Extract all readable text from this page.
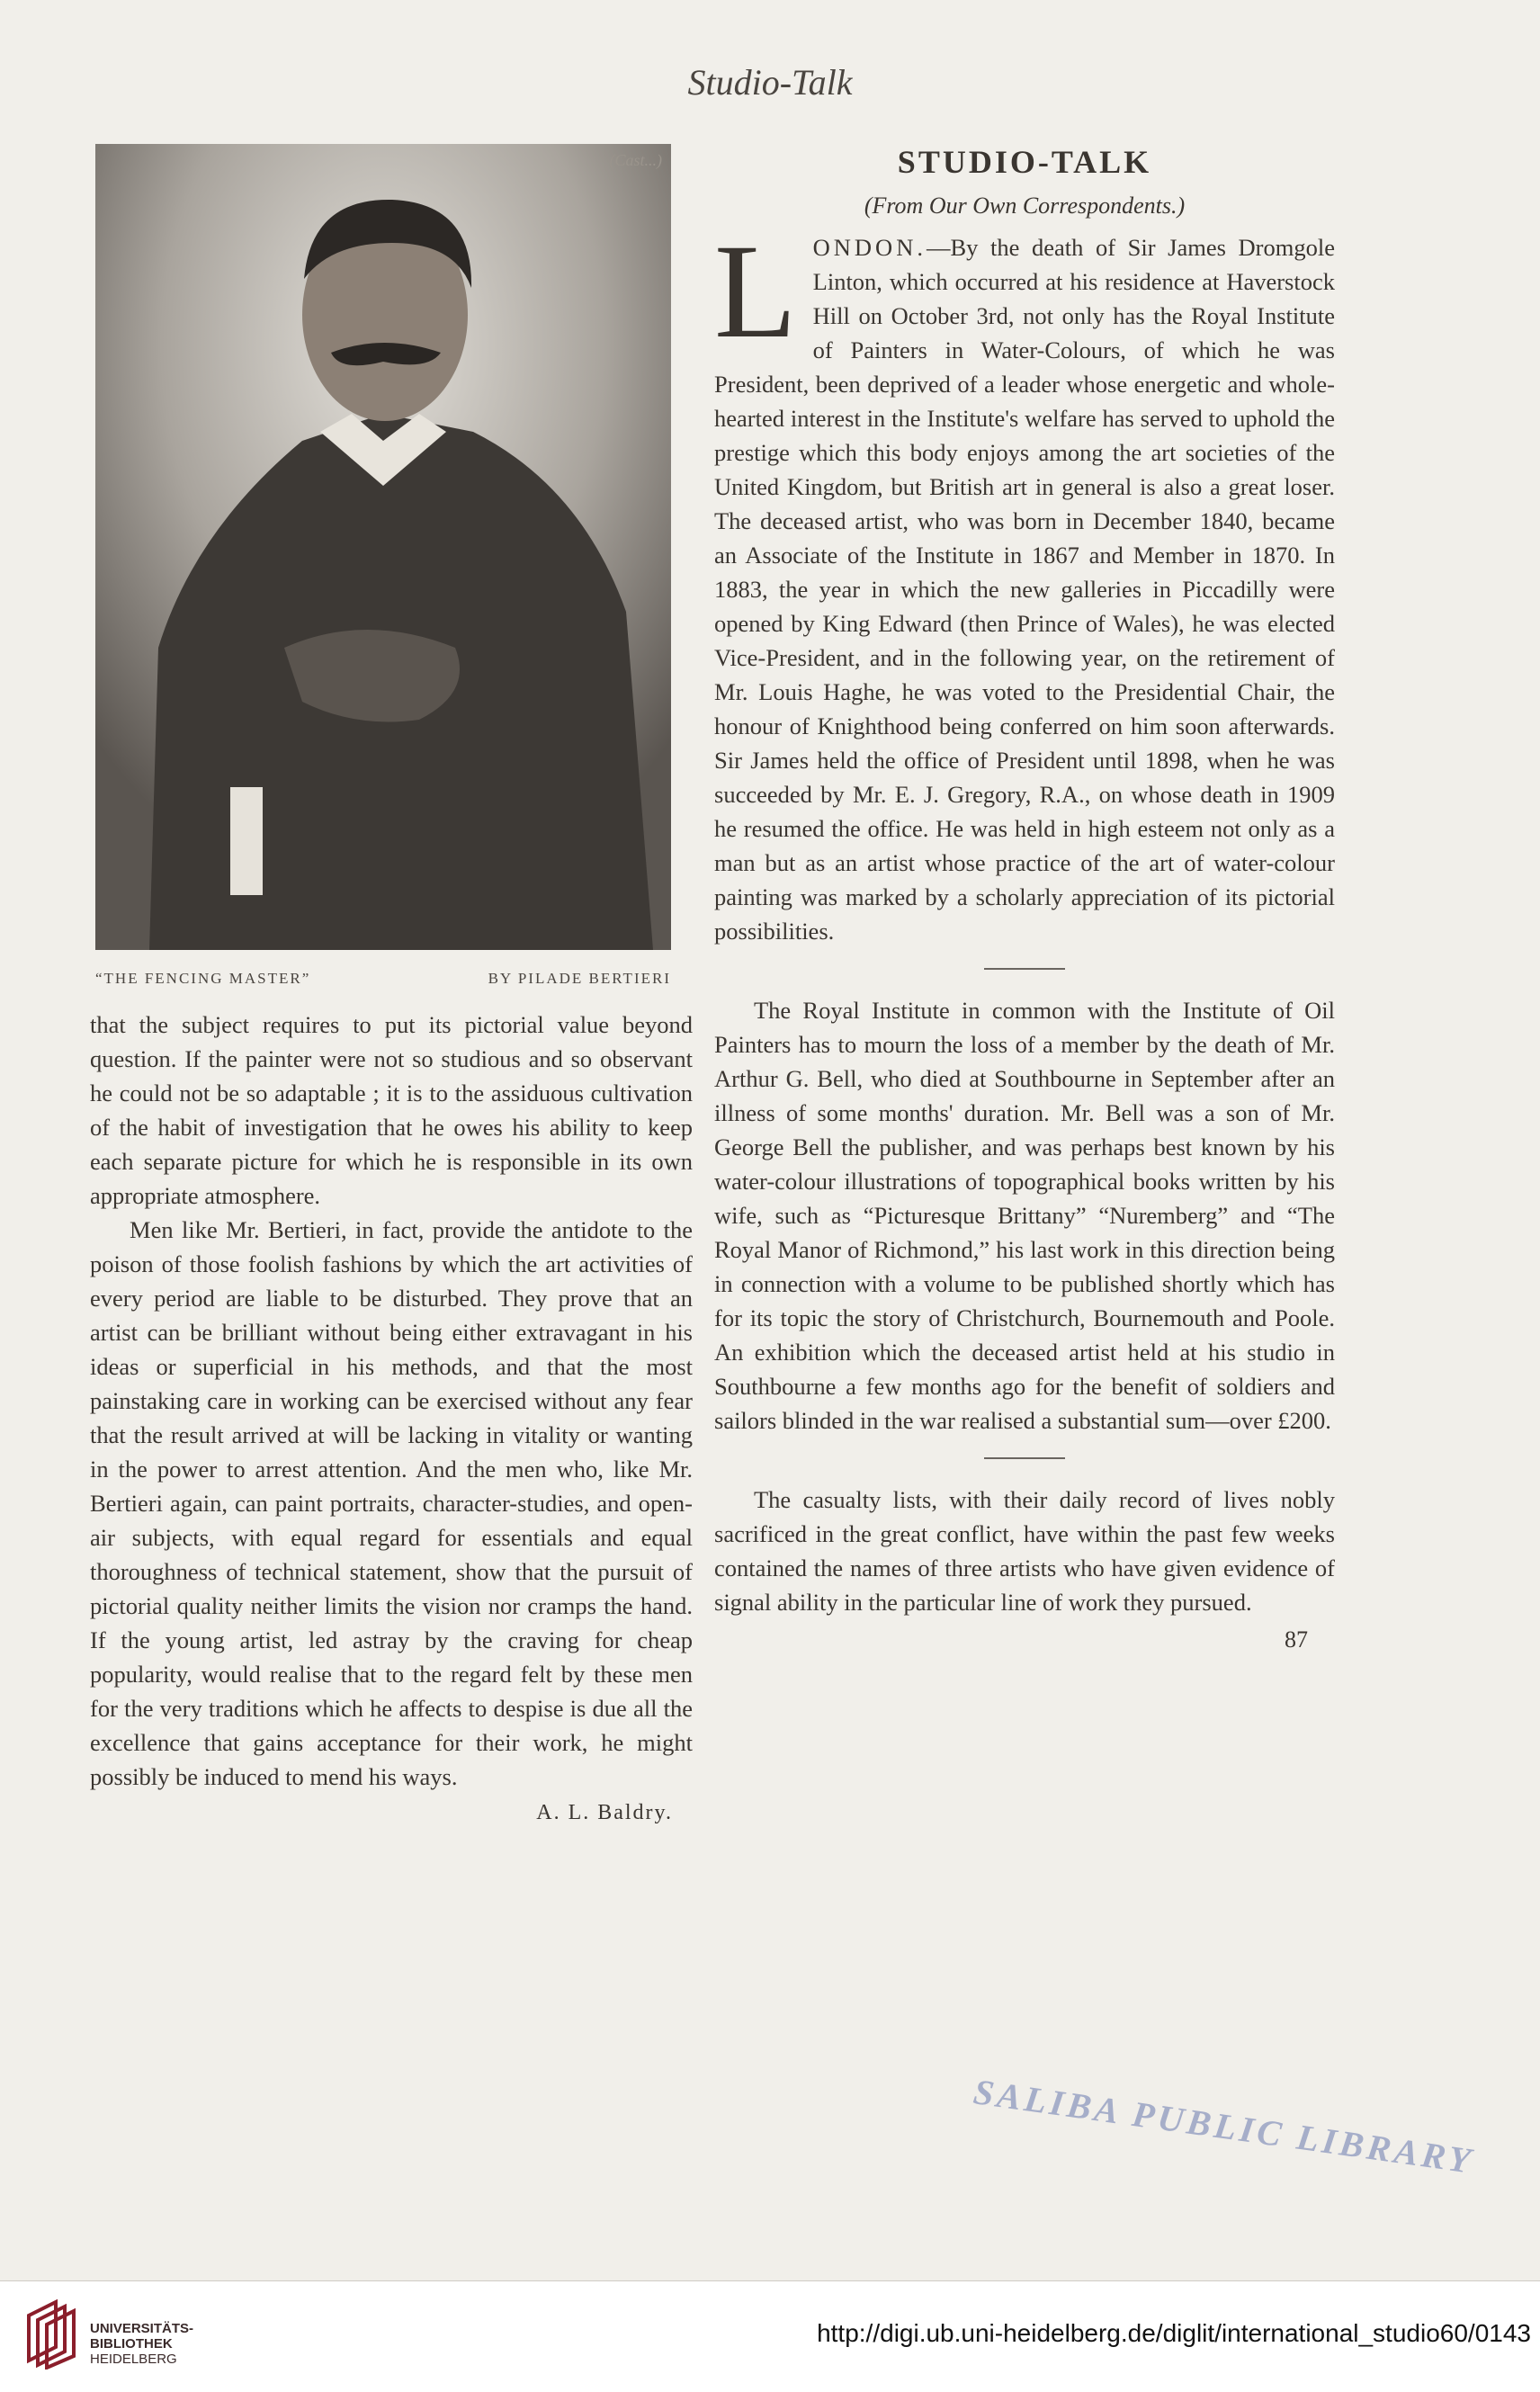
Studio-Talk
(Cast...)
“THE FENCING MASTER”	BY PILADE BERTIERI

that the subject requires to put its pictorial value beyond question. If the painter were not so studious and so observant he could not be so adaptable ; it is to the assiduous cultivation of the habit of investigation that he owes his ability to keep each separate picture for which he is responsible in its own appropriate atmosphere.

Men like Mr. Bertieri, in fact, provide the antidote to the poison of those foolish fashions by which the art activities of every period are liable to be disturbed. They prove that an artist can be brilliant without being either extravagant in his ideas or superficial in his methods, and that the most painstaking care in working can be exercised without any fear that the result arrived at will be lacking in vitality or wanting in the power to arrest attention. And the men who, like Mr. Bertieri again, can paint portraits, character-studies, and open-air subjects, with equal regard for essentials and equal thoroughness of technical statement, show that the pursuit of pictorial quality neither limits the vision nor cramps the hand. If the young artist, led astray by the craving for cheap popularity, would realise that to the regard felt by these men for the very traditions which he affects to despise is due all the excellence that gains acceptance for their work, he might possibly be induced to mend his ways.

A. L. Baldry.
STUDIO-TALK
(From Our Own Correspondents.)

LONDON.—By the death of Sir James Dromgole Linton, which occurred at his residence at Haverstock Hill on October 3rd, not only has the Royal Institute of Painters in Water-Colours, of which he was President, been deprived of a leader whose energetic and whole-hearted interest in the Institute's welfare has served to uphold the prestige which this body enjoys among the art societies of the United Kingdom, but British art in general is also a great loser. The deceased artist, who was born in December 1840, became an Associate of the Institute in 1867 and Member in 1870. In 1883, the year in which the new galleries in Piccadilly were opened by King Edward (then Prince of Wales), he was elected Vice-President, and in the following year, on the retirement of Mr. Louis Haghe, he was voted to the Presidential Chair, the honour of Knighthood being conferred on him soon afterwards. Sir James held the office of President until 1898, when he was succeeded by Mr. E. J. Gregory, R.A., on whose death in 1909 he resumed the office. He was held in high esteem not only as a man but as an artist whose practice of the art of water-colour painting was marked by a scholarly appreciation of its pictorial possibilities.

The Royal Institute in common with the Institute of Oil Painters has to mourn the loss of a member by the death of Mr. Arthur G. Bell, who died at Southbourne in September after an illness of some months' duration. Mr. Bell was a son of Mr. George Bell the publisher, and was perhaps best known by his water-colour illustrations of topographical books written by his wife, such as “Picturesque Brittany” “Nuremberg” and “The Royal Manor of Richmond,” his last work in this direction being in connection with a volume to be published shortly which has for its topic the story of Christchurch, Bournemouth and Poole. An exhibition which the deceased artist held at his studio in Southbourne a few months ago for the benefit of soldiers and sailors blinded in the war realised a substantial sum—over £200.

The casualty lists, with their daily record of lives nobly sacrificed in the great conflict, have within the past few weeks contained the names of three artists who have given evidence of signal ability in the particular line of work they pursued.

87
SALIBA PUBLIC LIBRARY
UNIVERSITÄTS-
BIBLIOTHEK
HEIDELBERG
http://digi.ub.uni-heidelberg.de/diglit/international_studio60/0143
